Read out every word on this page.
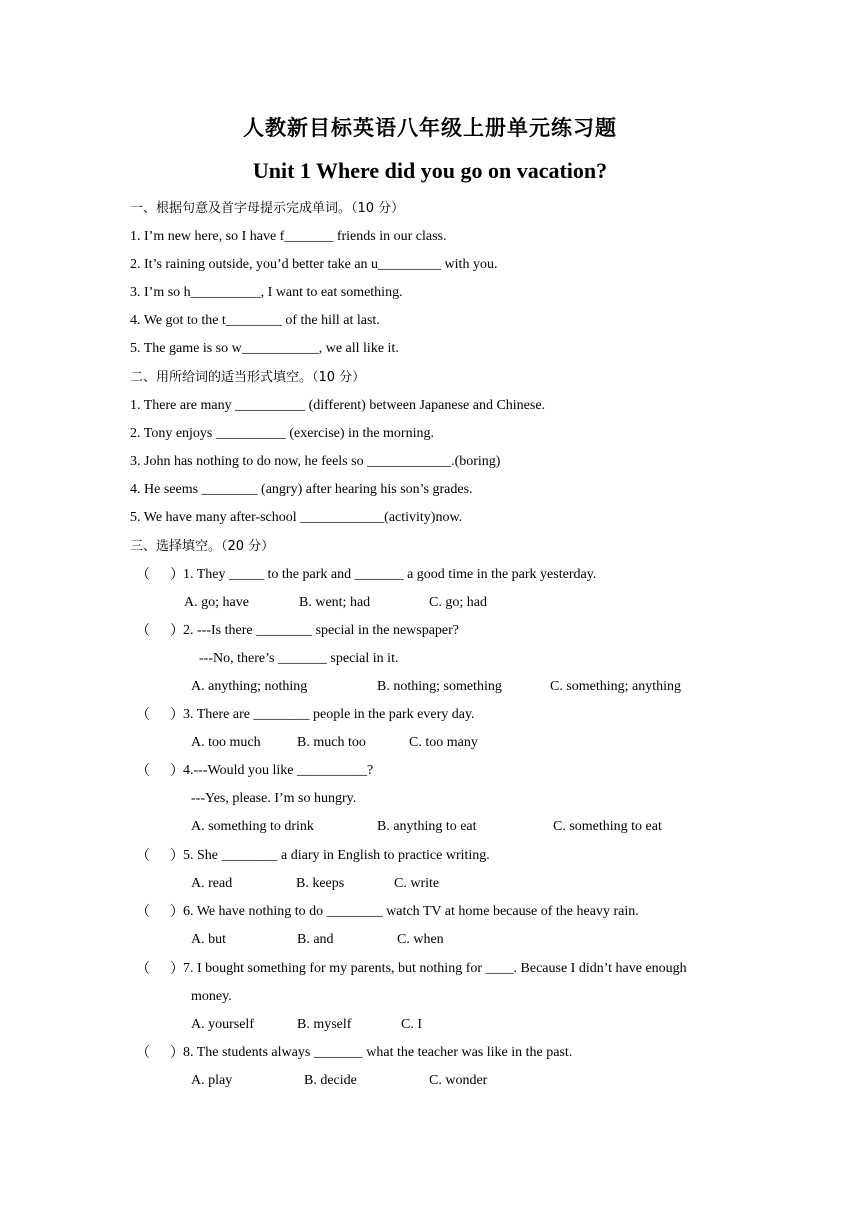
人教新目标英语八年级上册单元练习题
Unit 1 Where did you go on vacation?
一、根据句意及首字母提示完成单词。（10 分）
1. I’m new here, so I have f_______ friends in our class.
2. It’s raining outside, you’d better take an u_________ with you.
3. I’m so h__________, I want to eat something.
4. We got to the t________ of the hill at last.
5. The game is so w___________, we all like it.
二、用所给词的适当形式填空。（10 分）
1. There are many __________ (different) between Japanese and Chinese.
2. Tony enjoys __________ (exercise) in the morning.
3. John has nothing to do now, he feels so ____________.(boring)
4. He seems ________ (angry) after hearing his son’s grades.
5. We have many after-school ____________(activity)now.
三、选择填空。（20 分）
（ ） 1. They _____ to the park and _______ a good time in the park yesterday.
A. go; have	B. went; had	C. go; had
（ ） 2. ---Is there ________ special in the newspaper?
---No, there’s _______ special in it.
A. anything; nothing	B. nothing; something	C. something; anything
（ ） 3. There are ________ people in the park every day.
A. too much	B. much too	C. too many
（ ） 4.---Would you like __________?
---Yes, please. I’m so hungry.
A. something to drink	B. anything to eat	C. something to eat
（ ） 5. She ________ a diary in English to practice writing.
A. read	B. keeps	C. write
（ ） 6. We have nothing to do ________ watch TV at home because of the heavy rain.
A. but	B. and	C. when
（ ） 7. I bought something for my parents, but nothing for ____. Because I didn’t have enough
money.
A. yourself	B. myself	C. I
（ ） 8. The students always _______ what the teacher was like in the past.
A. play	B. decide	C. wonder
